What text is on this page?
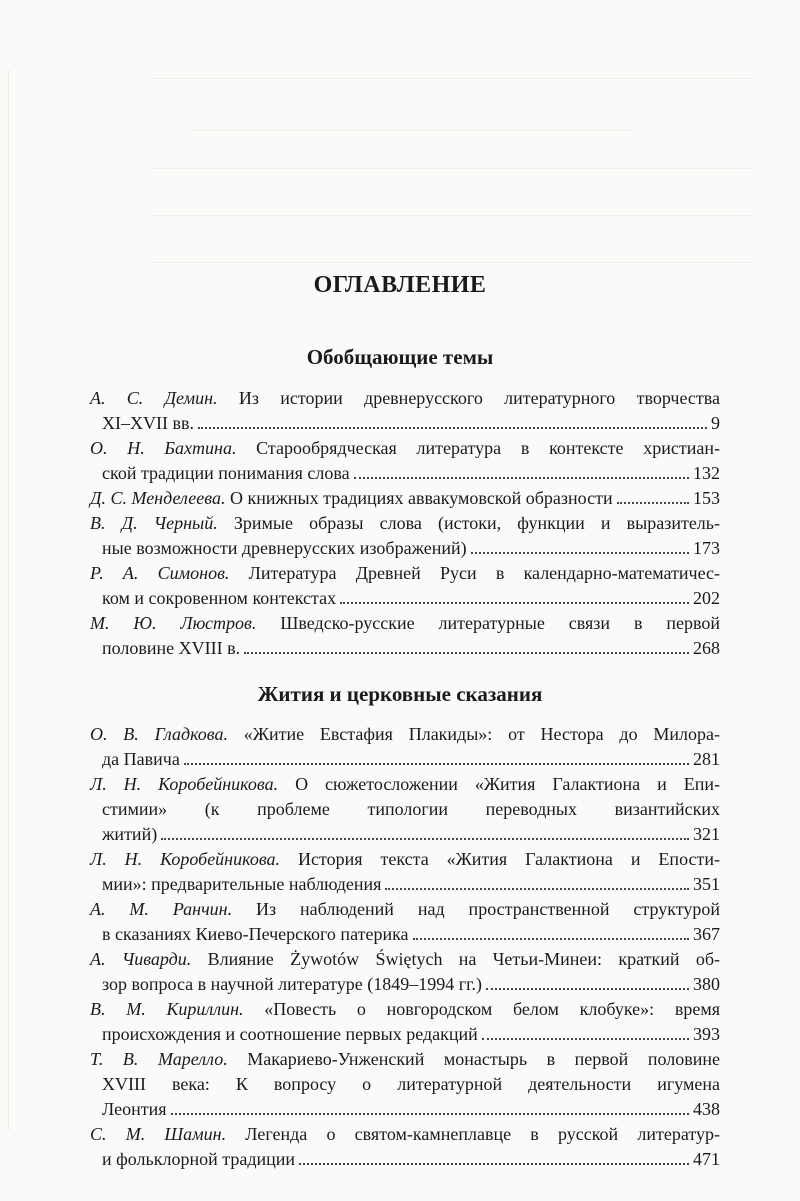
ОГЛАВЛЕНИЕ
Обобщающие темы
А. С. Демин. Из истории древнерусского литературного творчества
XI–XVII вв.	9
О. Н. Бахтина. Старообрядческая литература в контексте христиан-
ской традиции понимания слова	132
Д. С. Менделеева. О книжных традициях аввакумовской образности	153
В. Д. Черный. Зримые образы слова (истоки, функции и выразитель-
ные возможности древнерусских изображений)	173
Р. А. Симонов. Литература Древней Руси в календарно-математичес-
ком и сокровенном контекстах	202
М. Ю. Люстров. Шведско-русские литературные связи в первой
половине XVIII в.	268
Жития и церковные сказания
О. В. Гладкова. «Житие Евстафия Плакиды»: от Нестора до Милора-
да Павича	281
Л. Н. Коробейникова. О сюжетосложении «Жития Галактиона и Епи-
стимии» (к проблеме типологии переводных византийских
житий)	321
Л. Н. Коробейникова. История текста «Жития Галактиона и Епости-
мии»: предварительные наблюдения	351
А. М. Ранчин. Из наблюдений над пространственной структурой
в сказаниях Киево-Печерского патерика	367
А. Чиварди. Влияние Żywotów Świętych на Четьи-Минеи: краткий об-
зор вопроса в научной литературе (1849–1994 гг.)	380
В. М. Кириллин. «Повесть о новгородском белом клобуке»: время
происхождения и соотношение первых редакций	393
Т. В. Марелло. Макариево-Унженский монастырь в первой половине
XVIII века: К вопросу о литературной деятельности игумена
Леонтия	438
С. М. Шамин. Легенда о святом-камнеплавце в русской литератур-
и фольклорной традиции	471
